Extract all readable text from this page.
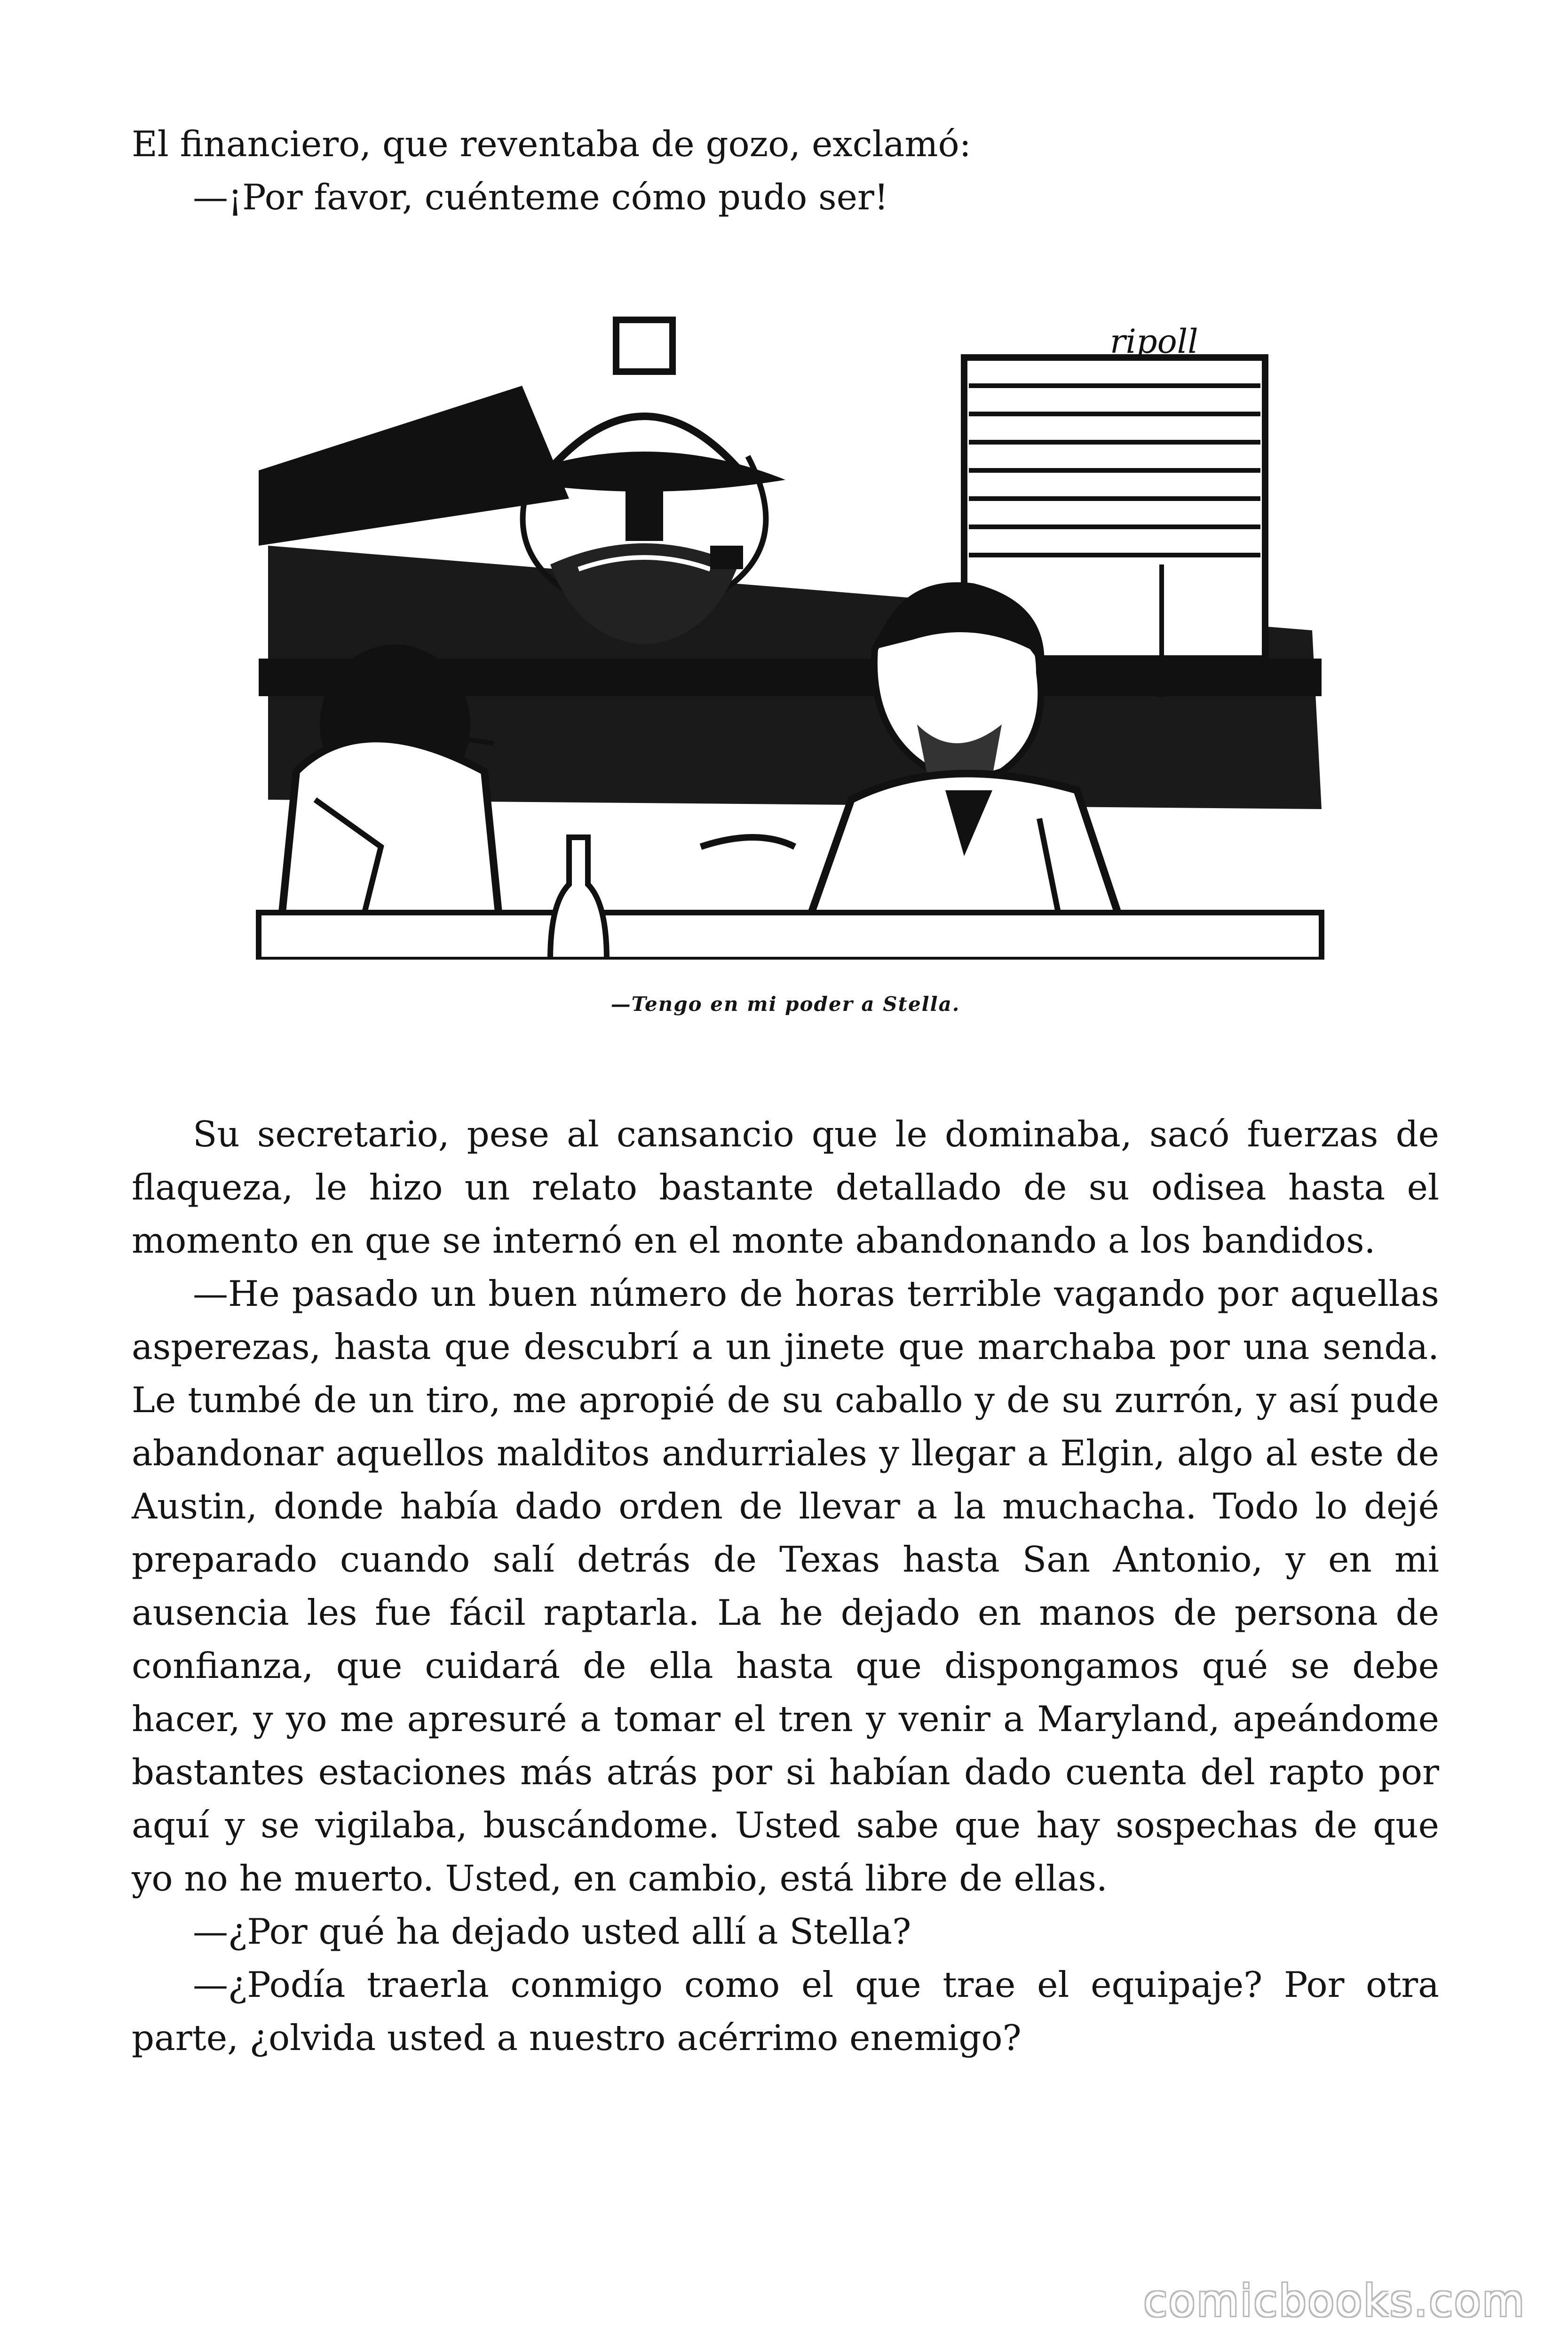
El financiero, que reventaba de gozo, exclamó:

—¡Por favor, cuénteme cómo pudo ser!

ripoll
—Tengo en mi poder a Stella.

Su secretario, pese al cansancio que le dominaba, sacó fuerzas de flaqueza, le hizo un relato bastante detallado de su odisea hasta el momento en que se internó en el monte abandonando a los bandidos.

—He pasado un buen número de horas terrible vagando por aquellas asperezas, hasta que descubrí a un jinete que marchaba por una senda. Le tumbé de un tiro, me apropié de su caballo y de su zurrón, y así pude abandonar aquellos malditos andurriales y llegar a Elgin, algo al este de Austin, donde había dado orden de llevar a la muchacha. Todo lo dejé preparado cuando salí detrás de Texas hasta San Antonio, y en mi ausencia les fue fácil raptarla. La he dejado en manos de persona de confianza, que cuidará de ella hasta que dispongamos qué se debe hacer, y yo me apresuré a tomar el tren y venir a Maryland, apeándome bastantes estaciones más atrás por si habían dado cuenta del rapto por aquí y se vigilaba, buscándome. Usted sabe que hay sospechas de que yo no he muerto. Usted, en cambio, está libre de ellas.

—¿Por qué ha dejado usted allí a Stella?

—¿Podía traerla conmigo como el que trae el equipaje? Por otra parte, ¿olvida usted a nuestro acérrimo enemigo?

comicbooks.com
